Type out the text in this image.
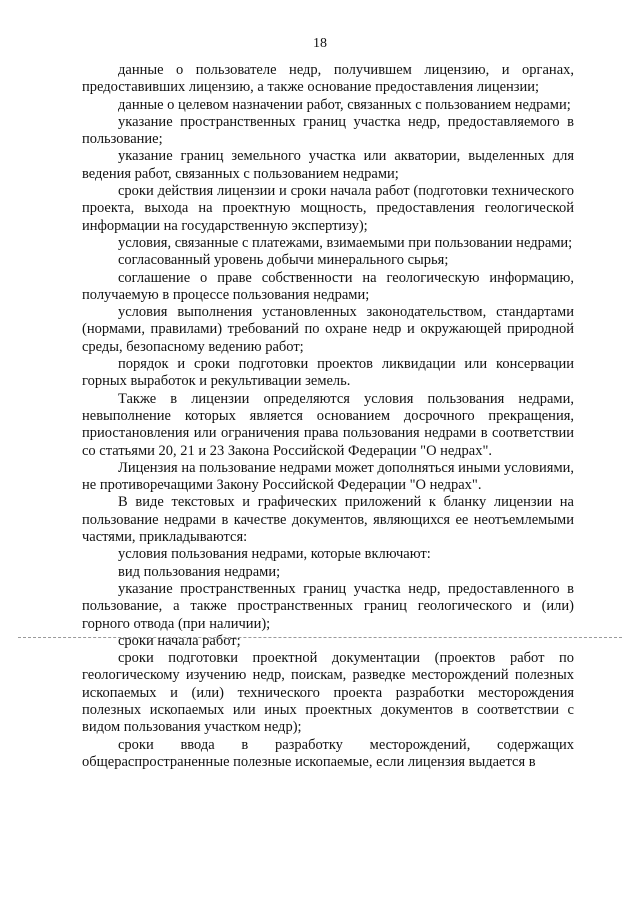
18

данные о пользователе недр, получившем лицензию, и органах, предоставивших лицензию, а также основание предоставления лицензии;

данные о целевом назначении работ, связанных с пользованием недрами;

указание пространственных границ участка недр, предоставляемого в пользование;

указание границ земельного участка или акватории, выделенных для ведения работ, связанных с пользованием недрами;

сроки действия лицензии и сроки начала работ (подготовки технического проекта, выхода на проектную мощность, предоставления геологической информации на государственную экспертизу);

условия, связанные с платежами, взимаемыми при пользовании недрами;

согласованный уровень добычи минерального сырья;

соглашение о праве собственности на геологическую информацию, получаемую в процессе пользования недрами;

условия выполнения установленных законодательством, стандартами (нормами, правилами) требований по охране недр и окружающей природной среды, безопасному ведению работ;

порядок и сроки подготовки проектов ликвидации или консервации горных выработок и рекультивации земель.

Также в лицензии определяются условия пользования недрами, невыполнение которых является основанием досрочного прекращения, приостановления или ограничения права пользования недрами в соответствии со статьями 20, 21 и 23 Закона Российской Федерации "О недрах".

Лицензия на пользование недрами может дополняться иными условиями, не противоречащими Закону Российской Федерации "О недрах".

В виде текстовых и графических приложений к бланку лицензии на пользование недрами в качестве документов, являющихся ее неотъемлемыми частями, прикладываются:

условия пользования недрами, которые включают:

вид пользования недрами;

указание пространственных границ участка недр, предоставленного в пользование, а также пространственных границ геологического и (или) горного отвода (при наличии);

сроки начала работ;

сроки подготовки проектной документации (проектов работ по геологическому изучению недр, поискам, разведке месторождений полезных ископаемых и (или) технического проекта разработки месторождения полезных ископаемых или иных проектных документов в соответствии с видом пользования участком недр);

сроки ввода в разработку месторождений, содержащих общераспространенные полезные ископаемые, если лицензия выдается в
